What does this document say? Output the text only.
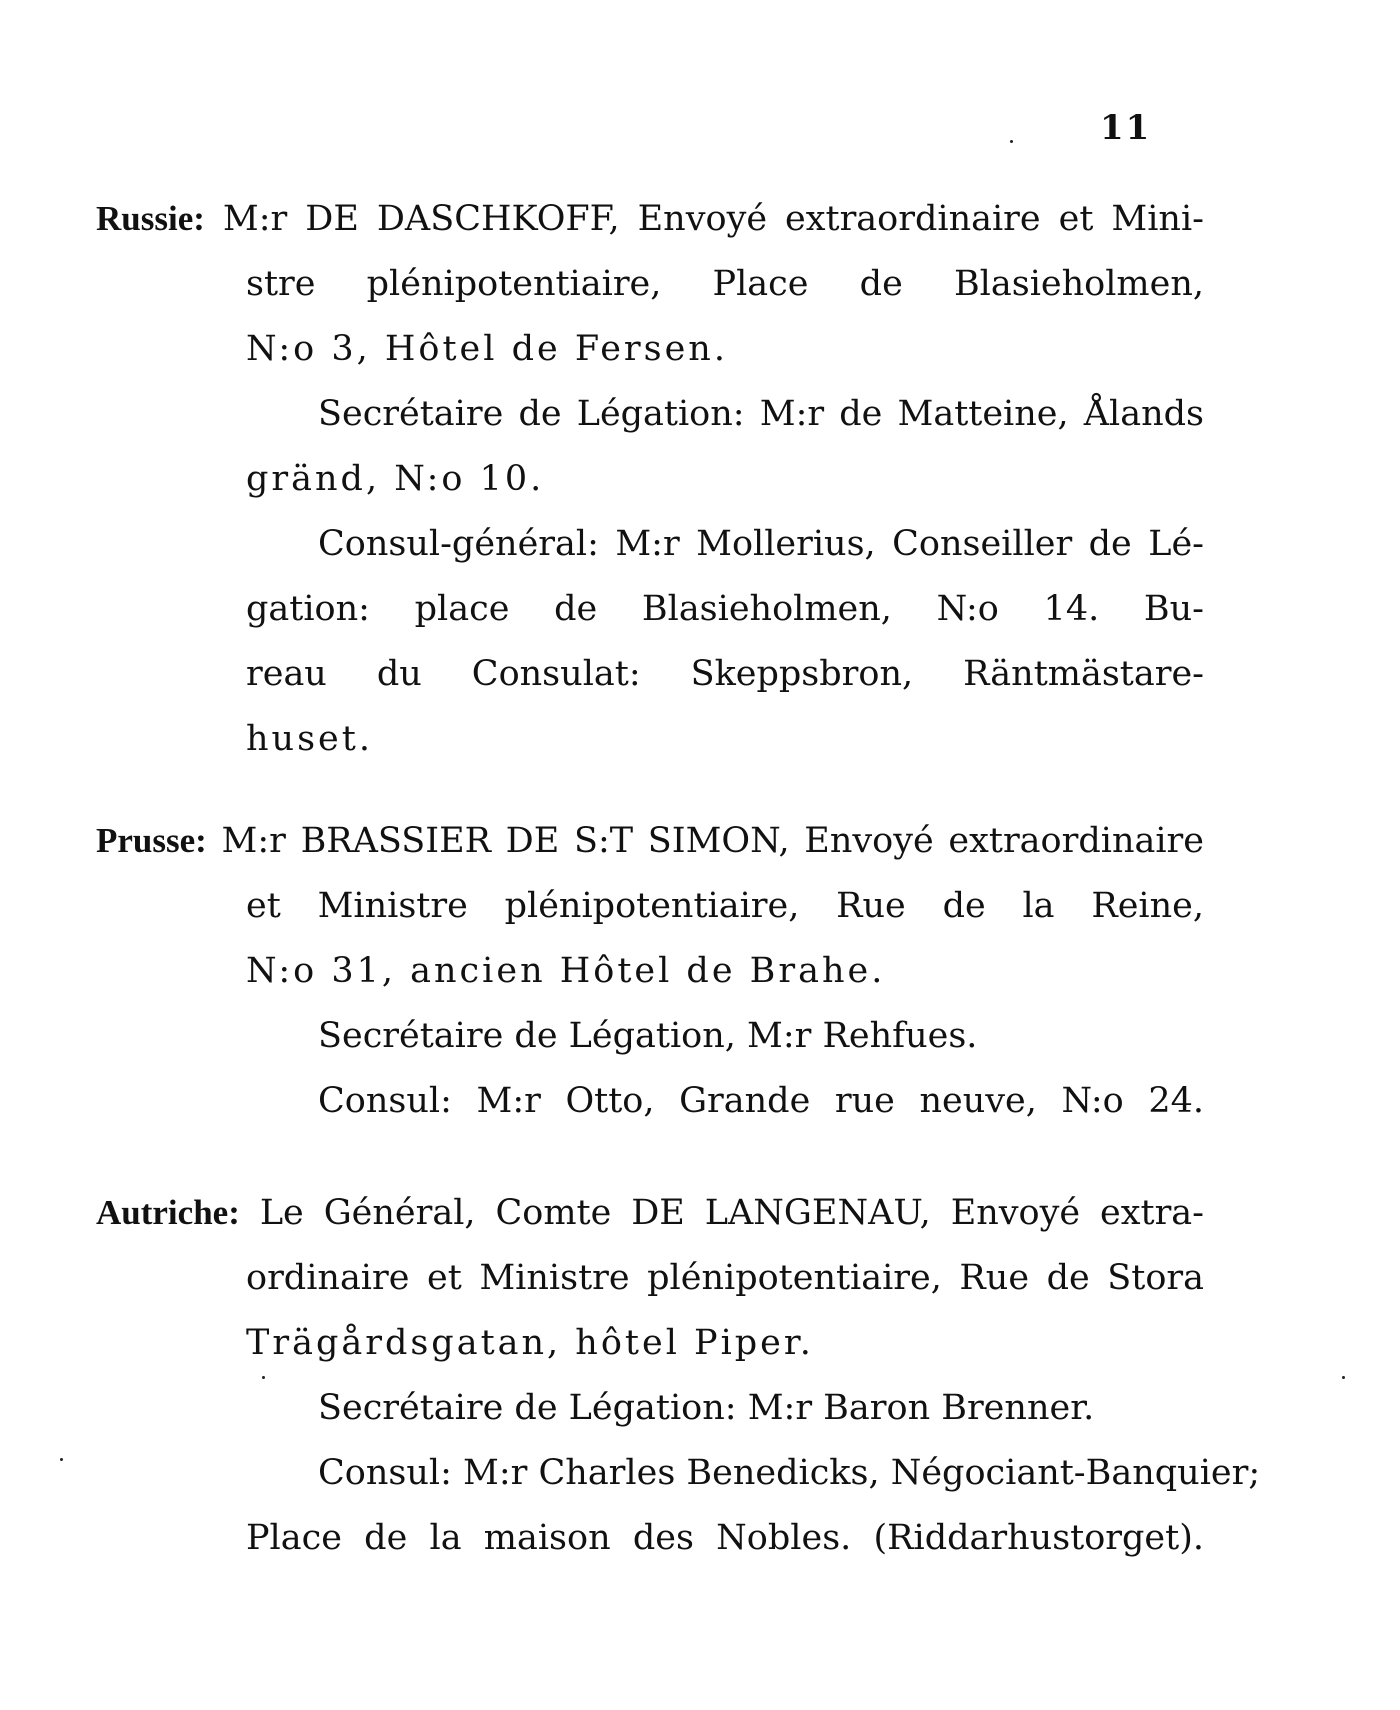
11
Russie: M:r DE DASCHKOFF, Envoyé extraordinaire et Mini-
stre plénipotentiaire, Place de Blasieholmen,
N:o 3, Hôtel de Fersen.
Secrétaire de Légation: M:r de Matteine, Ålands
gränd, N:o 10.
Consul-général: M:r Mollerius, Conseiller de Lé-
gation: place de Blasieholmen, N:o 14. Bu-
reau du Consulat: Skeppsbron, Räntmästare-
huset.
Prusse: M:r BRASSIER DE S:T SIMON, Envoyé extraordinaire
et Ministre plénipotentiaire, Rue de la Reine,
N:o 31, ancien Hôtel de Brahe.
Secrétaire de Légation, M:r Rehfues.
Consul: M:r Otto, Grande rue neuve, N:o 24.
Autriche: Le Général, Comte DE LANGENAU, Envoyé extra-
ordinaire et Ministre plénipotentiaire, Rue de Stora
Trägårdsgatan, hôtel Piper.
Secrétaire de Légation: M:r Baron Brenner.
Consul: M:r Charles Benedicks, Négociant-Banquier;
Place de la maison des Nobles. (Riddarhustorget).
